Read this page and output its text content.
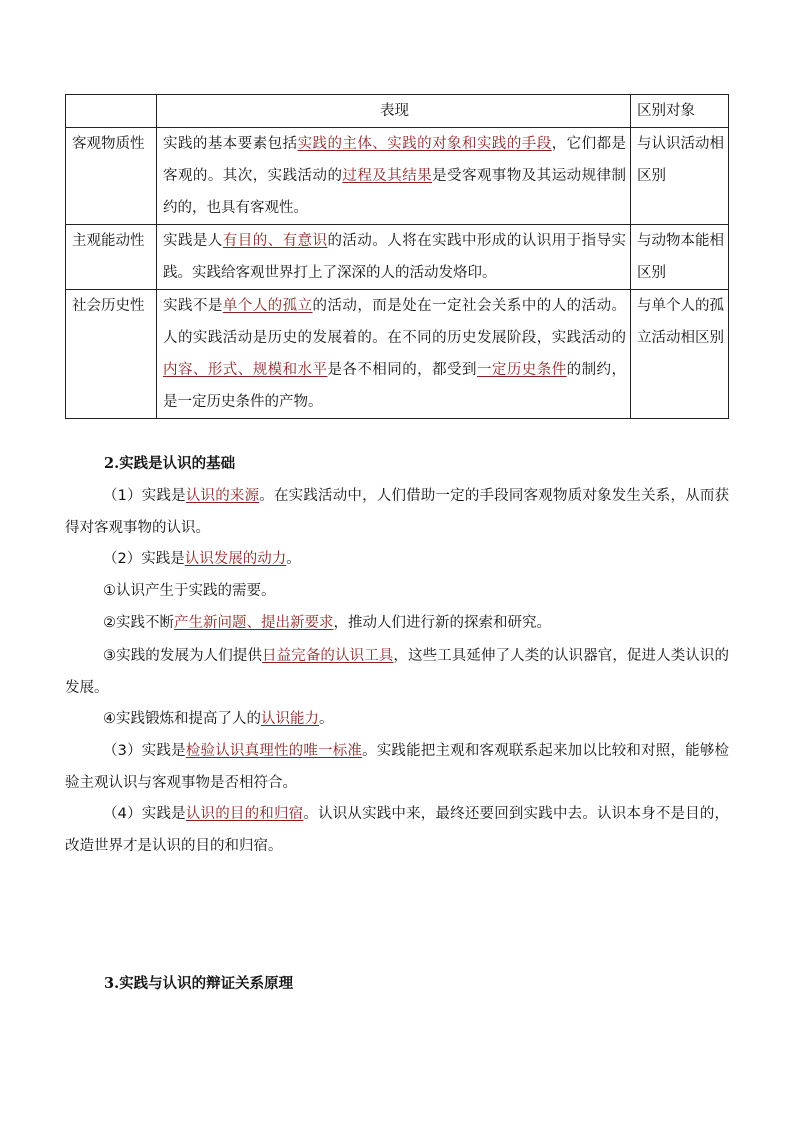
	表现	区别对象
客观物质性	实践的基本要素包括实践的主体、实践的对象和实践的手段，它们都是客观的。其次，实践活动的过程及其结果是受客观事物及其运动规律制约的，也具有客观性。	与认识活动相区别
主观能动性	实践是人有目的、有意识的活动。人将在实践中形成的认识用于指导实践。实践给客观世界打上了深深的人的活动发烙印。	与动物本能相区别
社会历史性	实践不是单个人的孤立的活动，而是处在一定社会关系中的人的活动。人的实践活动是历史的发展着的。在不同的历史发展阶段，实践活动的内容、形式、规模和水平是各不相同的，都受到一定历史条件的制约，是一定历史条件的产物。	与单个人的孤立活动相区别
2.实践是认识的基础
（1）实践是认识的来源。在实践活动中，人们借助一定的手段同客观物质对象发生关系，从而获得对客观事物的认识。
（2）实践是认识发展的动力。
①认识产生于实践的需要。
②实践不断产生新问题、提出新要求，推动人们进行新的探索和研究。
③实践的发展为人们提供日益完备的认识工具，这些工具延伸了人类的认识器官，促进人类认识的发展。
④实践锻炼和提高了人的认识能力。
（3）实践是检验认识真理性的唯一标准。实践能把主观和客观联系起来加以比较和对照，能够检验主观认识与客观事物是否相符合。
（4）实践是认识的目的和归宿。认识从实践中来，最终还要回到实践中去。认识本身不是目的，改造世界才是认识的目的和归宿。
3.实践与认识的辩证关系原理
